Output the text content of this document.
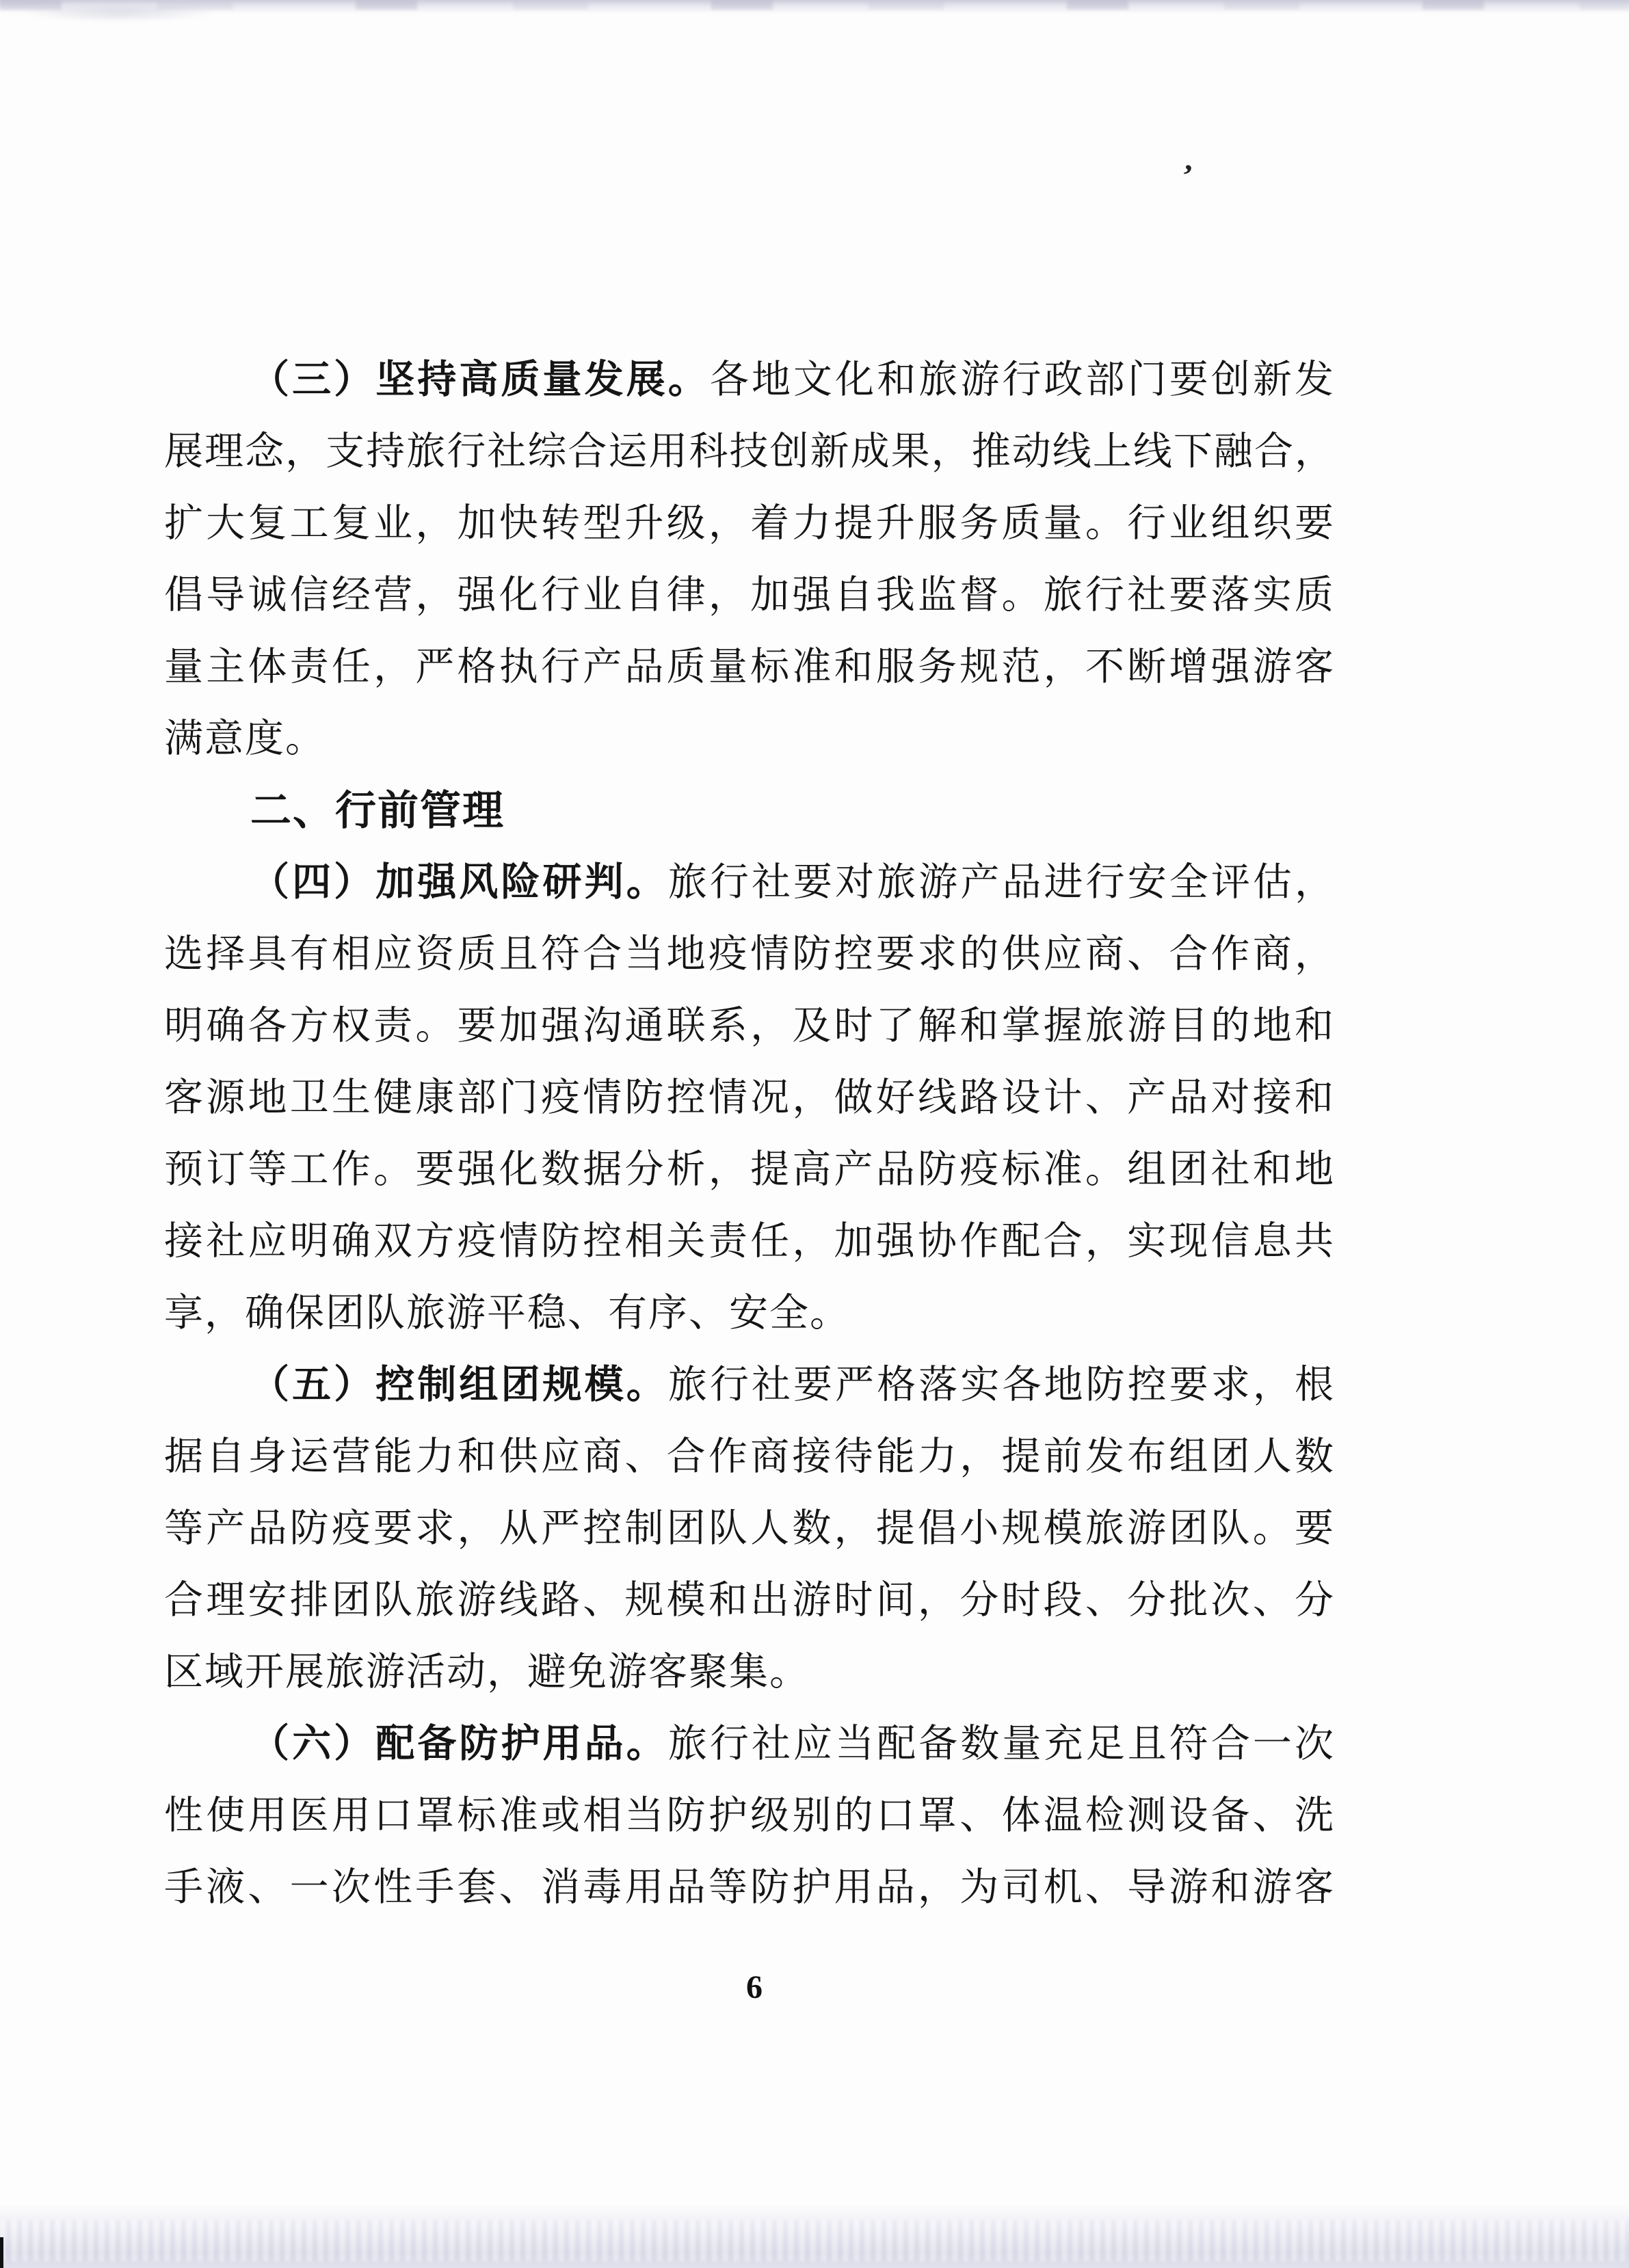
’
（三）坚持高质量发展。各地文化和旅游行政部门要创新发
展理念，支持旅行社综合运用科技创新成果，推动线上线下融合，
扩大复工复业，加快转型升级，着力提升服务质量。行业组织要
倡导诚信经营，强化行业自律，加强自我监督。旅行社要落实质
量主体责任，严格执行产品质量标准和服务规范，不断增强游客
满意度。
二、行前管理
（四）加强风险研判。旅行社要对旅游产品进行安全评估，
选择具有相应资质且符合当地疫情防控要求的供应商、合作商，
明确各方权责。要加强沟通联系，及时了解和掌握旅游目的地和
客源地卫生健康部门疫情防控情况，做好线路设计、产品对接和
预订等工作。要强化数据分析，提高产品防疫标准。组团社和地
接社应明确双方疫情防控相关责任，加强协作配合，实现信息共
享，确保团队旅游平稳、有序、安全。
（五）控制组团规模。旅行社要严格落实各地防控要求，根
据自身运营能力和供应商、合作商接待能力，提前发布组团人数
等产品防疫要求，从严控制团队人数，提倡小规模旅游团队。要
合理安排团队旅游线路、规模和出游时间，分时段、分批次、分
区域开展旅游活动，避免游客聚集。
（六）配备防护用品。旅行社应当配备数量充足且符合一次
性使用医用口罩标准或相当防护级别的口罩、体温检测设备、洗
手液、一次性手套、消毒用品等防护用品，为司机、导游和游客
6
